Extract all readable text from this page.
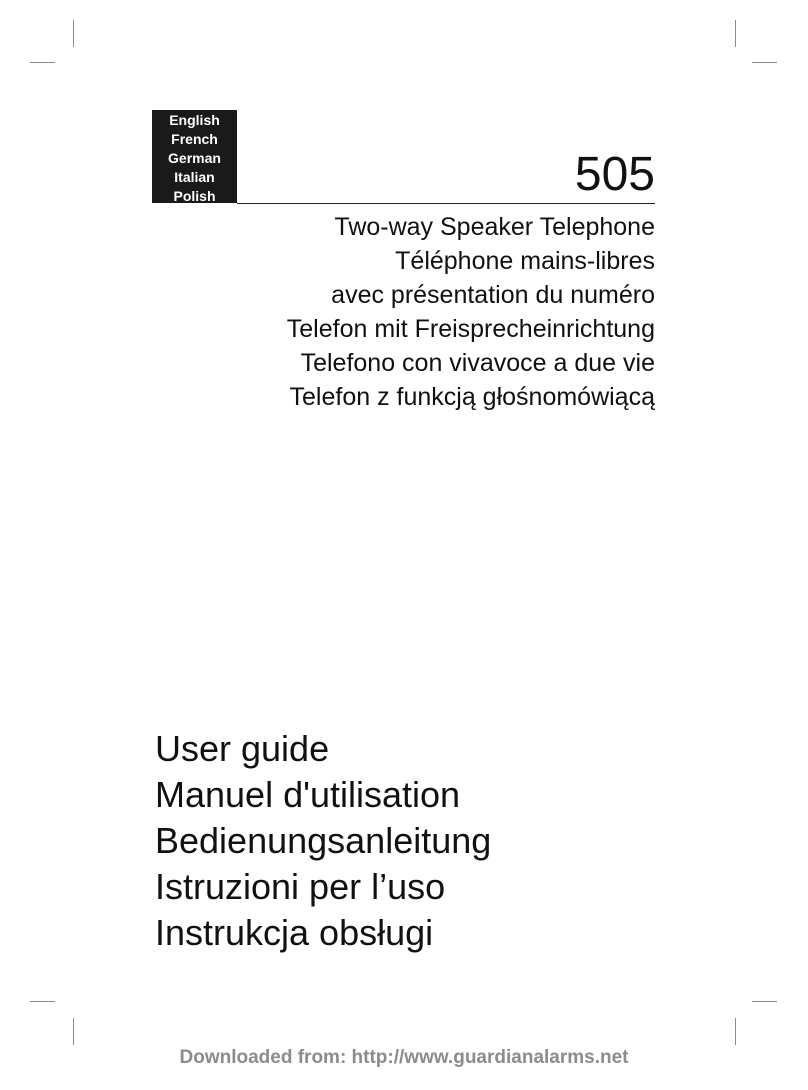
English
French
German
Italian
Polish	505
Two-way Speaker Telephone
Téléphone mains-libres
avec présentation du numéro
Telefon mit Freisprecheinrichtung
Telefono con vivavoce a due vie
Telefon z funkcją głośnomówiącą
User guide
Manuel d'utilisation
Bedienungsanleitung
Istruzioni per l’uso
Instrukcja obsługi
Downloaded from: http://www.guardianalarms.net
